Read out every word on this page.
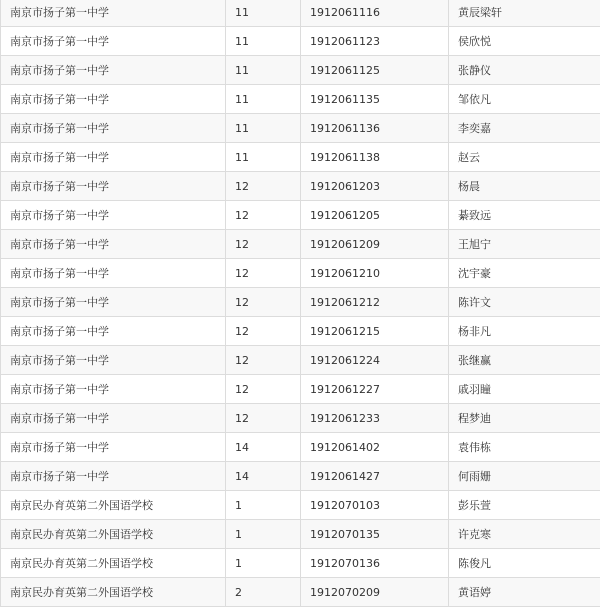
南京市扬子第一中学	11	1912061116	黄辰梁轩
南京市扬子第一中学	11	1912061123	侯欣悦
南京市扬子第一中学	11	1912061125	张静仪
南京市扬子第一中学	11	1912061135	邹依凡
南京市扬子第一中学	11	1912061136	李奕嘉
南京市扬子第一中学	11	1912061138	赵云
南京市扬子第一中学	12	1912061203	杨晨
南京市扬子第一中学	12	1912061205	綦致远
南京市扬子第一中学	12	1912061209	王旭宁
南京市扬子第一中学	12	1912061210	沈宇豪
南京市扬子第一中学	12	1912061212	陈许文
南京市扬子第一中学	12	1912061215	杨非凡
南京市扬子第一中学	12	1912061224	张继赢
南京市扬子第一中学	12	1912061227	戚羽瞳
南京市扬子第一中学	12	1912061233	程梦迪
南京市扬子第一中学	14	1912061402	袁伟栋
南京市扬子第一中学	14	1912061427	何雨姗
南京民办育英第二外国语学校	1	1912070103	彭乐萱
南京民办育英第二外国语学校	1	1912070135	许克寒
南京民办育英第二外国语学校	1	1912070136	陈俊凡
南京民办育英第二外国语学校	2	1912070209	黄语婷
